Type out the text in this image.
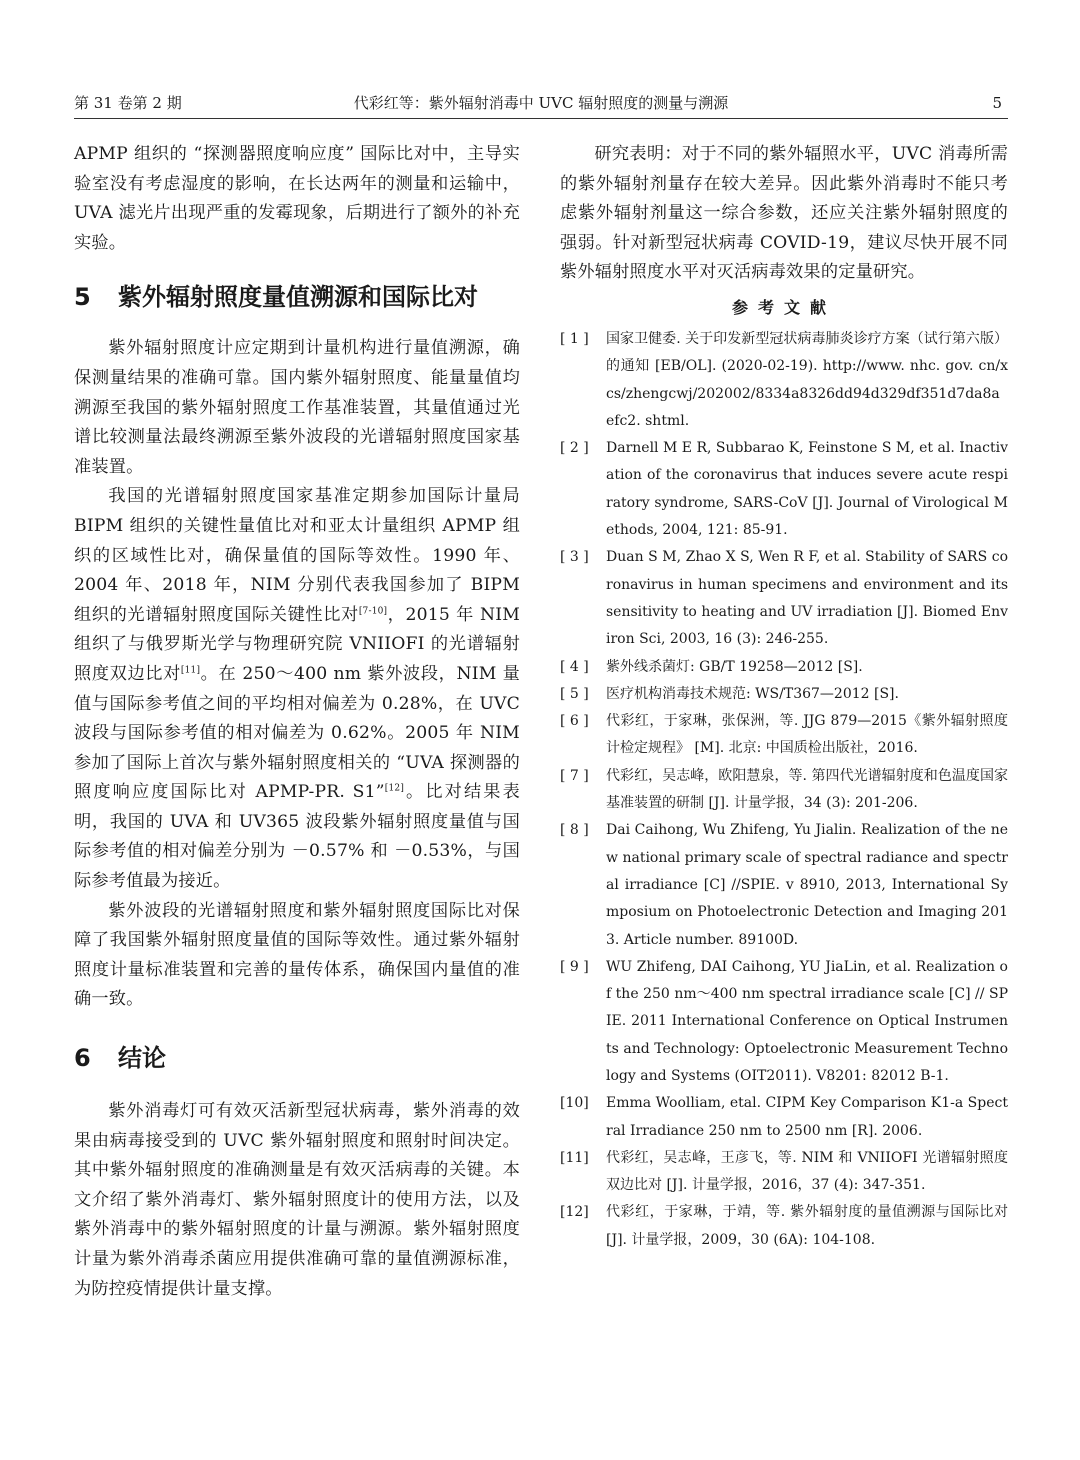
第 31 卷第 2 期	代彩红等：紫外辐射消毒中 UVC 辐射照度的测量与溯源	5

APMP 组织的 “探测器照度响应度” 国际比对中，主导实验室没有考虑湿度的影响，在长达两年的测量和运输中，UVA 滤光片出现严重的发霉现象，后期进行了额外的补充实验。

5	紫外辐射照度量值溯源和国际比对

紫外辐射照度计应定期到计量机构进行量值溯源，确保测量结果的准确可靠。国内紫外辐射照度、能量量值均溯源至我国的紫外辐射照度工作基准装置，其量值通过光谱比较测量法最终溯源至紫外波段的光谱辐射照度国家基准装置。

我国的光谱辐射照度国家基准定期参加国际计量局 BIPM 组织的关键性量值比对和亚太计量组织 APMP 组织的区域性比对，确保量值的国际等效性。1990 年、2004 年、2018 年，NIM 分别代表我国参加了 BIPM 组织的光谱辐射照度国际关键性比对[7-10]，2015 年 NIM 组织了与俄罗斯光学与物理研究院 VNIIOFI 的光谱辐射照度双边比对[11]。在 250～400 nm 紫外波段，NIM 量值与国际参考值之间的平均相对偏差为 0.28%，在 UVC 波段与国际参考值的相对偏差为 0.62%。2005 年 NIM 参加了国际上首次与紫外辐射照度相关的 “UVA 探测器的照度响应度国际比对 APMP-PR. S1”[12]。比对结果表明，我国的 UVA 和 UV365 波段紫外辐射照度量值与国际参考值的相对偏差分别为 －0.57% 和 －0.53%，与国际参考值最为接近。

紫外波段的光谱辐射照度和紫外辐射照度国际比对保障了我国紫外辐射照度量值的国际等效性。通过紫外辐射照度计量标准装置和完善的量传体系，确保国内量值的准确一致。

6	结论

紫外消毒灯可有效灭活新型冠状病毒，紫外消毒的效果由病毒接受到的 UVC 紫外辐射照度和照射时间决定。其中紫外辐射照度的准确测量是有效灭活病毒的关键。本文介绍了紫外消毒灯、紫外辐射照度计的使用方法，以及紫外消毒中的紫外辐射照度的计量与溯源。紫外辐射照度计量为紫外消毒杀菌应用提供准确可靠的量值溯源标准，为防控疫情提供计量支撑。

研究表明：对于不同的紫外辐照水平，UVC 消毒所需的紫外辐射剂量存在较大差异。因此紫外消毒时不能只考虑紫外辐射剂量这一综合参数，还应关注紫外辐射照度的强弱。针对新型冠状病毒 COVID-19，建议尽快开展不同紫外辐射照度水平对灭活病毒效果的定量研究。

参考文献
[ 1 ]	国家卫健委. 关于印发新型冠状病毒肺炎诊疗方案（试行第六版）的通知 [EB/OL]. (2020-02-19). http://www. nhc. gov. cn/xcs/zhengcwj/202002/8334a8326dd94d329df351d7da8aefc2. shtml.
[ 2 ]	Darnell M E R, Subbarao K, Feinstone S M, et al. Inactivation of the coronavirus that induces severe acute respiratory syndrome, SARS-CoV [J]. Journal of Virological Methods, 2004, 121: 85-91.
[ 3 ]	Duan S M, Zhao X S, Wen R F, et al. Stability of SARS coronavirus in human specimens and environment and its sensitivity to heating and UV irradiation [J]. Biomed Environ Sci, 2003, 16 (3): 246-255.
[ 4 ]	紫外线杀菌灯: GB/T 19258—2012 [S].
[ 5 ]	医疗机构消毒技术规范: WS/T367—2012 [S].
[ 6 ]	代彩红，于家琳，张保洲，等. JJG 879—2015《紫外辐射照度计检定规程》 [M]. 北京: 中国质检出版社，2016.
[ 7 ]	代彩红，吴志峰，欧阳慧泉，等. 第四代光谱辐射度和色温度国家基准装置的研制 [J]. 计量学报，34 (3): 201-206.
[ 8 ]	Dai Caihong, Wu Zhifeng, Yu Jialin. Realization of the new national primary scale of spectral radiance and spectral irradiance [C] //SPIE. v 8910, 2013, International Symposium on Photoelectronic Detection and Imaging 2013. Article number. 89100D.
[ 9 ]	WU Zhifeng, DAI Caihong, YU JiaLin, et al. Realization of the 250 nm～400 nm spectral irradiance scale [C] // SPIE. 2011 International Conference on Optical Instruments and Technology: Optoelectronic Measurement Technology and Systems (OIT2011). V8201: 82012 B-1.
[10]	Emma Woolliam, etal. CIPM Key Comparison K1-a Spectral Irradiance 250 nm to 2500 nm [R]. 2006.
[11]	代彩红，吴志峰，王彦飞，等. NIM 和 VNIIOFI 光谱辐射照度双边比对 [J]. 计量学报，2016，37 (4): 347-351.
[12]	代彩红，于家琳，于靖，等. 紫外辐射度的量值溯源与国际比对 [J]. 计量学报，2009，30 (6A): 104-108.
